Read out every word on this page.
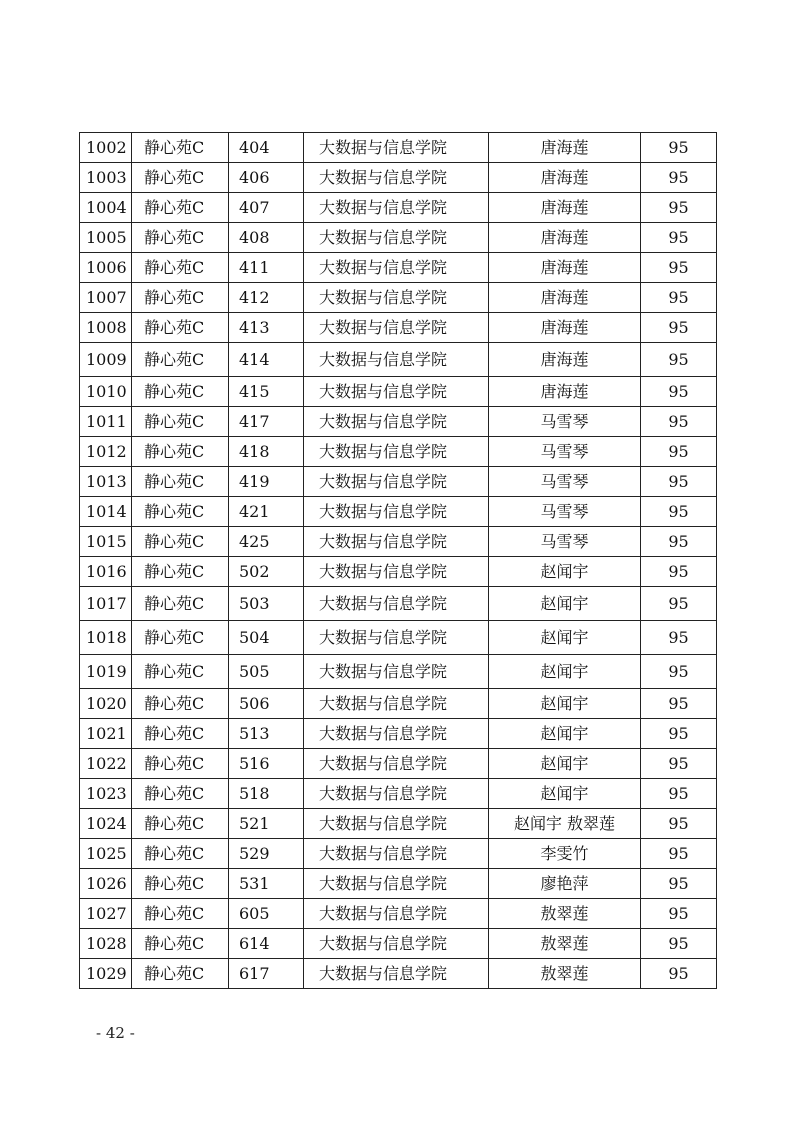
1002	静心苑C	404	大数据与信息学院	唐海莲	95
1003	静心苑C	406	大数据与信息学院	唐海莲	95
1004	静心苑C	407	大数据与信息学院	唐海莲	95
1005	静心苑C	408	大数据与信息学院	唐海莲	95
1006	静心苑C	411	大数据与信息学院	唐海莲	95
1007	静心苑C	412	大数据与信息学院	唐海莲	95
1008	静心苑C	413	大数据与信息学院	唐海莲	95
1009	静心苑C	414	大数据与信息学院	唐海莲	95
1010	静心苑C	415	大数据与信息学院	唐海莲	95
1011	静心苑C	417	大数据与信息学院	马雪琴	95
1012	静心苑C	418	大数据与信息学院	马雪琴	95
1013	静心苑C	419	大数据与信息学院	马雪琴	95
1014	静心苑C	421	大数据与信息学院	马雪琴	95
1015	静心苑C	425	大数据与信息学院	马雪琴	95
1016	静心苑C	502	大数据与信息学院	赵闻宇	95
1017	静心苑C	503	大数据与信息学院	赵闻宇	95
1018	静心苑C	504	大数据与信息学院	赵闻宇	95
1019	静心苑C	505	大数据与信息学院	赵闻宇	95
1020	静心苑C	506	大数据与信息学院	赵闻宇	95
1021	静心苑C	513	大数据与信息学院	赵闻宇	95
1022	静心苑C	516	大数据与信息学院	赵闻宇	95
1023	静心苑C	518	大数据与信息学院	赵闻宇	95
1024	静心苑C	521	大数据与信息学院	赵闻宇 敖翠莲	95
1025	静心苑C	529	大数据与信息学院	李雯竹	95
1026	静心苑C	531	大数据与信息学院	廖艳萍	95
1027	静心苑C	605	大数据与信息学院	敖翠莲	95
1028	静心苑C	614	大数据与信息学院	敖翠莲	95
1029	静心苑C	617	大数据与信息学院	敖翠莲	95
- 42 -
